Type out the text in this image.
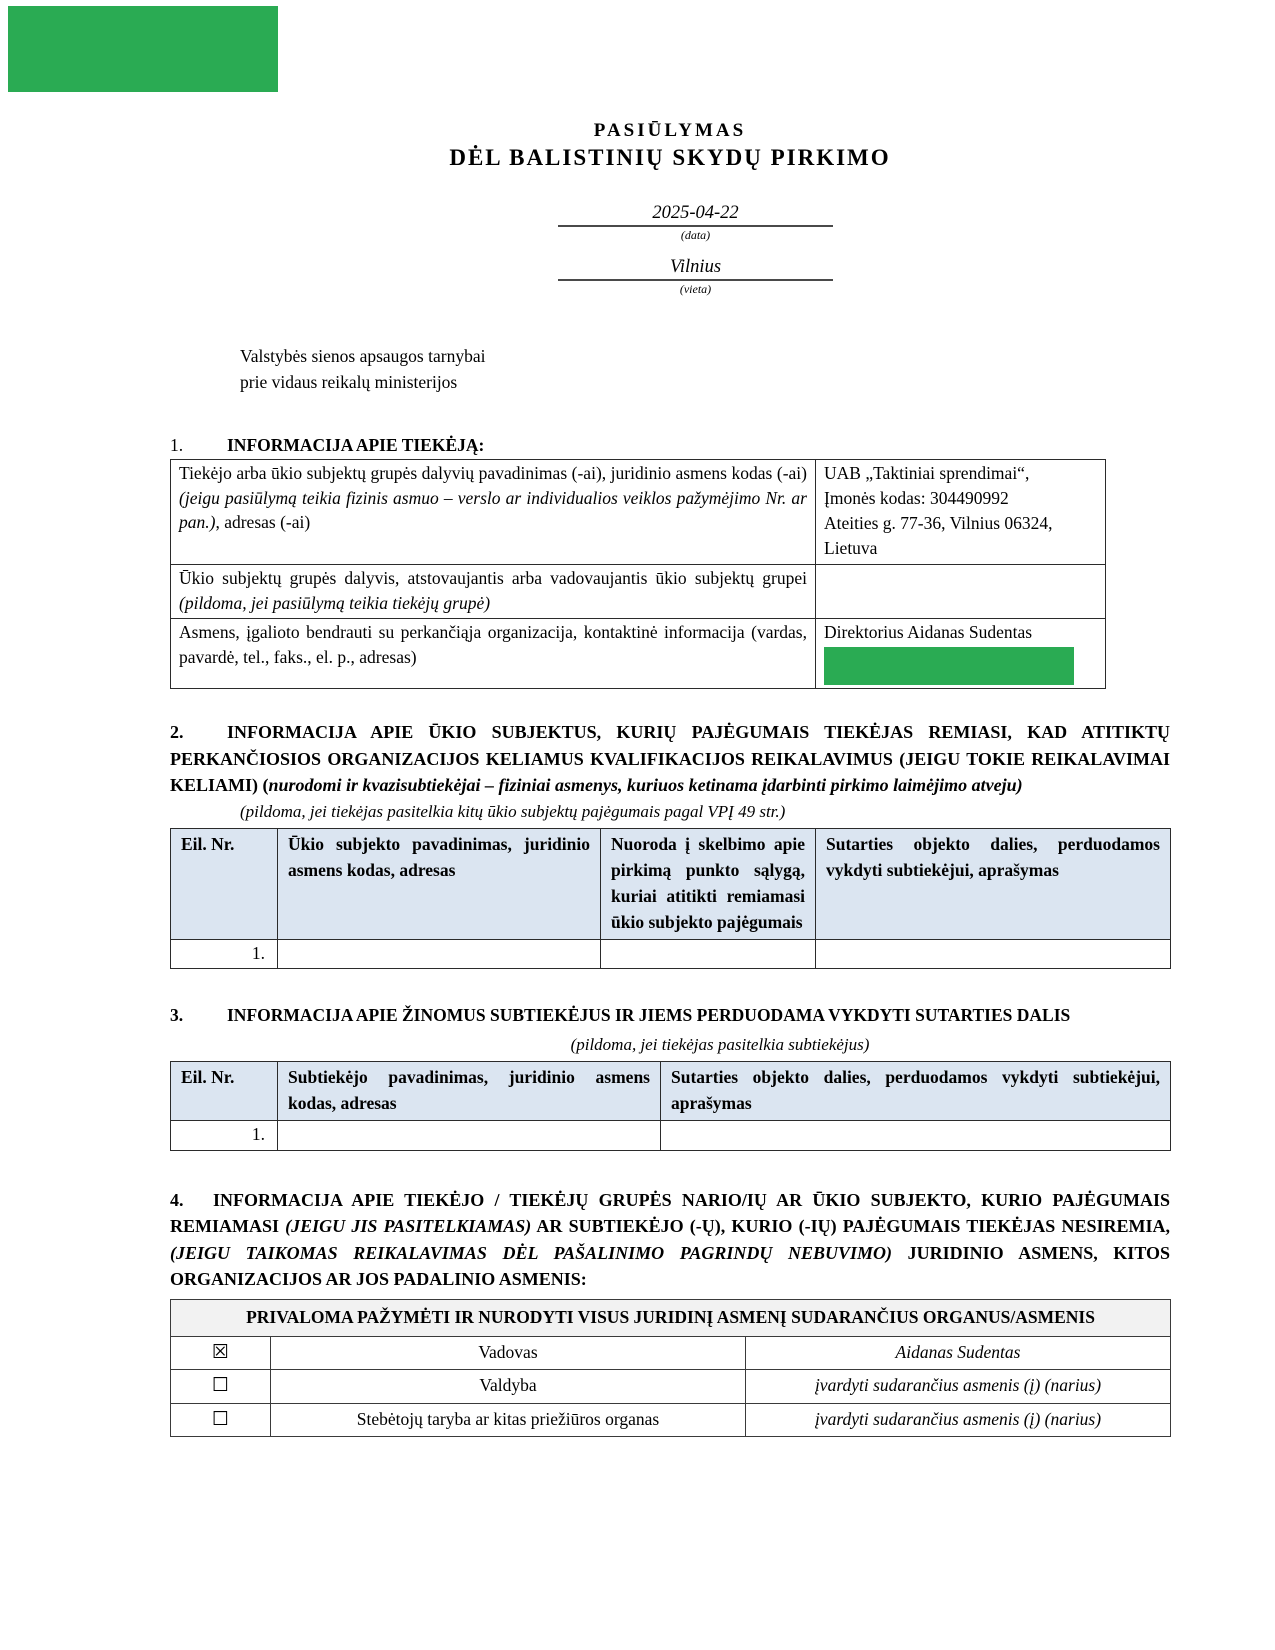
PASIŪLYMAS
DĖL BALISTINIŲ SKYDŲ PIRKIMO
2025-04-22
(data)
Vilnius
(vieta)
Valstybės sienos apsaugos tarnybai
prie vidaus reikalų ministerijos
1.	INFORMACIJA APIE TIEKĖJĄ:
Tiekėjo arba ūkio subjektų grupės dalyvių pavadinimas (-ai), juridinio asmens kodas (-ai) (jeigu pasiūlymą teikia fizinis asmuo – verslo ar individualios veiklos pažymėjimo Nr. ar pan.), adresas (-ai)	UAB „Taktiniai sprendimai“,
Įmonės kodas: 304490992
Ateities g. 77-36, Vilnius 06324,
Lietuva

Ūkio subjektų grupės dalyvis, atstovaujantis arba vadovaujantis ūkio subjektų grupei (pildoma, jei pasiūlymą teikia tiekėjų grupė)	
Asmens, įgalioto bendrauti su perkančiąja organizacija, kontaktinė informacija (vardas, pavardė, tel., faks., el. p., adresas)	Direktorius Aidanas Sudentas
2. INFORMACIJA APIE ŪKIO SUBJEKTUS, KURIŲ PAJĖGUMAIS TIEKĖJAS REMIASI, KAD ATITIKTŲ PERKANČIOSIOS ORGANIZACIJOS KELIAMUS KVALIFIKACIJOS REIKALAVIMUS (JEIGU TOKIE REIKALAVIMAI KELIAMI) (nurodomi ir kvazisubtiekėjai – fiziniai asmenys, kuriuos ketinama įdarbinti pirkimo laimėjimo atveju)
(pildoma, jei tiekėjas pasitelkia kitų ūkio subjektų pajėgumais pagal VPĮ 49 str.)
Eil. Nr.	Ūkio subjekto pavadinimas, juridinio asmens kodas, adresas	Nuoroda į skelbimo apie pirkimą punkto sąlygą, kuriai atitikti remiamasi ūkio subjekto pajėgumais	Sutarties objekto dalies, perduodamos vykdyti subtiekėjui, aprašymas
1.			
3.	INFORMACIJA APIE ŽINOMUS SUBTIEKĖJUS IR JIEMS PERDUODAMA VYKDYTI SUTARTIES DALIS
(pildoma, jei tiekėjas pasitelkia subtiekėjus)
Eil. Nr.	Subtiekėjo pavadinimas, juridinio asmens kodas, adresas	Sutarties objekto dalies, perduodamos vykdyti subtiekėjui, aprašymas
1.		
4. INFORMACIJA APIE TIEKĖJO / TIEKĖJŲ GRUPĖS NARIO/IŲ AR ŪKIO SUBJEKTO, KURIO PAJĖGUMAIS REMIAMASI (JEIGU JIS PASITELKIAMAS) AR SUBTIEKĖJO (-Ų), KURIO (-IŲ) PAJĖGUMAIS TIEKĖJAS NESIREMIA, (JEIGU TAIKOMAS REIKALAVIMAS DĖL PAŠALINIMO PAGRINDŲ NEBUVIMO) JURIDINIO ASMENS, KITOS ORGANIZACIJOS AR JOS PADALINIO ASMENIS:
PRIVALOMA PAŽYMĖTI IR NURODYTI VISUS JURIDINĮ ASMENĮ SUDARANČIUS ORGANUS/ASMENIS		
☒	Vadovas	Aidanas Sudentas
☐	Valdyba	įvardyti sudarančius asmenis (į) (narius)
☐	Stebėtojų taryba ar kitas priežiūros organas	įvardyti sudarančius asmenis (į) (narius)
